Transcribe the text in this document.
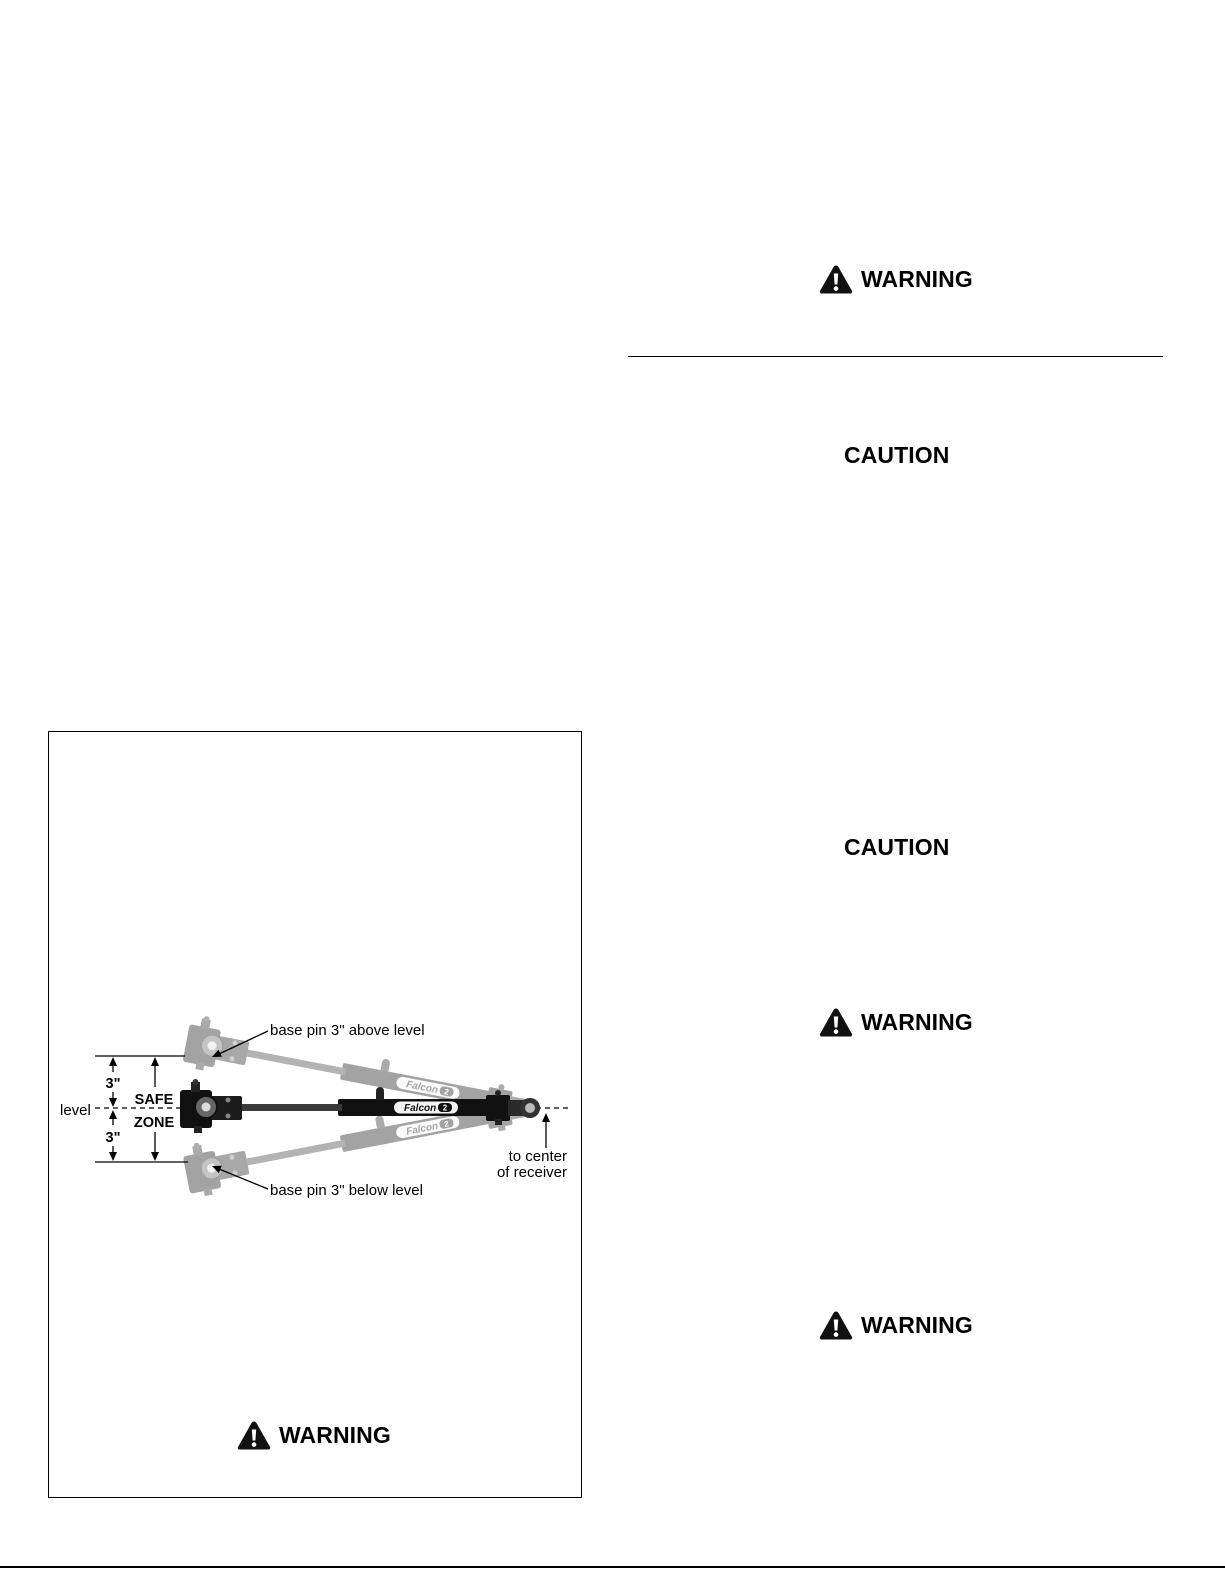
WARNING
CAUTION
CAUTION
WARNING
WARNING
Falcon 2
Falcon 2
Falcon 2
3"
3"
SAFE
ZONE
level
base pin 3" above level
base pin 3" below level
to center
of receiver
WARNING
